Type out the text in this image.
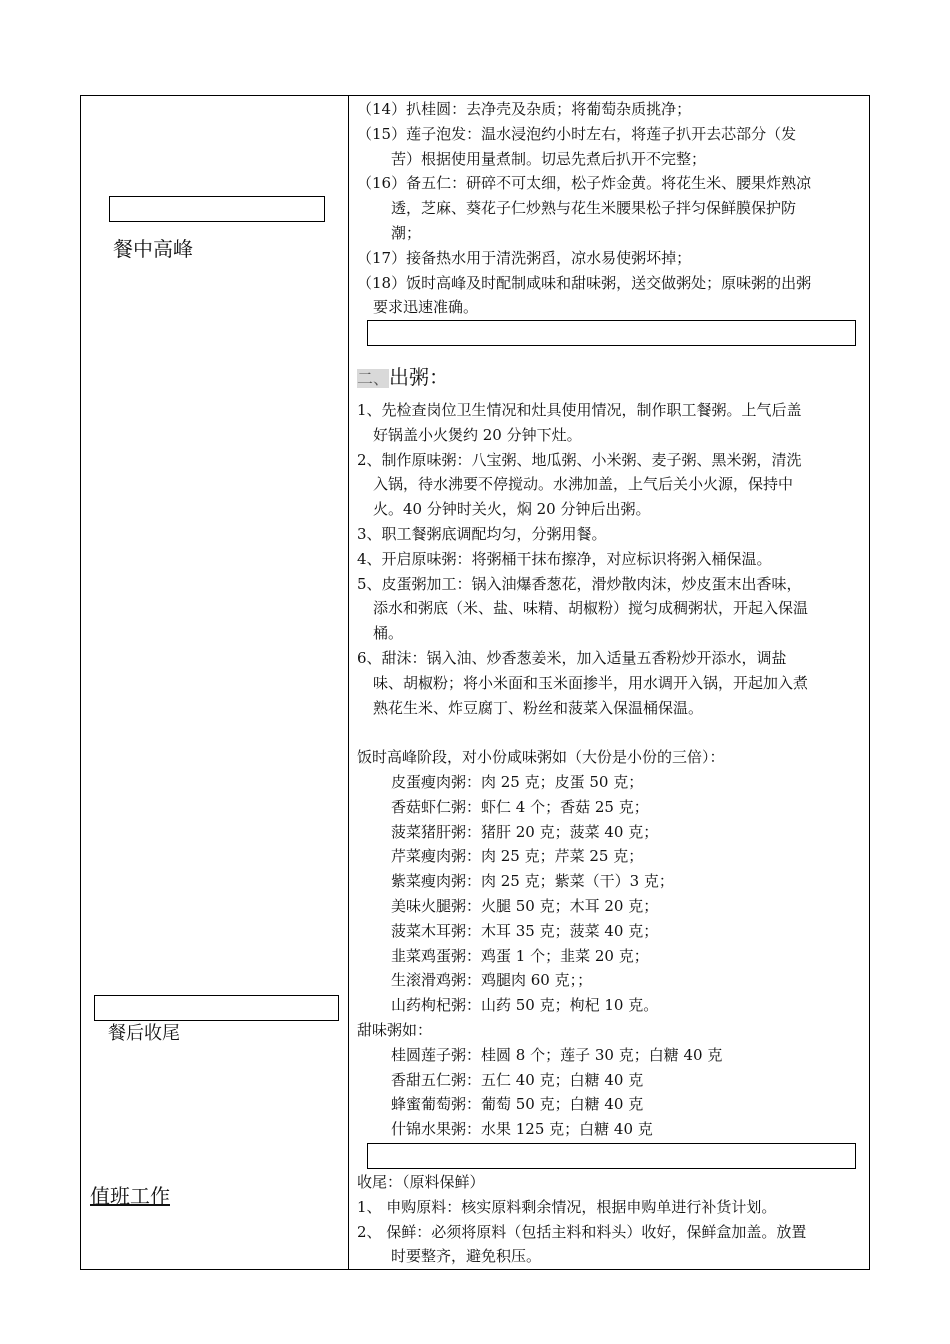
餐中高峰
餐后收尾
值班工作
（14）扒桂圆：去净壳及杂质；将葡萄杂质挑净；
（15）莲子泡发：温水浸泡约小时左右，将莲子扒开去芯部分（发
苦）根据使用量煮制。切忌先煮后扒开不完整；
（16）备五仁：研碎不可太细，松子炸金黄。将花生米、腰果炸熟凉
透，芝麻、葵花子仁炒熟与花生米腰果松子拌匀保鲜膜保护防
潮；
（17）接备热水用于清洗粥舀，凉水易使粥坏掉；
（18）饭时高峰及时配制咸味和甜味粥，送交做粥处；原味粥的出粥
要求迅速准确。
二、出粥：
1、先检查岗位卫生情况和灶具使用情况，制作职工餐粥。上气后盖
好锅盖小火煲约 20 分钟下灶。
2、制作原味粥：八宝粥、地瓜粥、小米粥、麦子粥、黑米粥，清洗
入锅，待水沸要不停搅动。水沸加盖，上气后关小火源，保持中
火。40 分钟时关火，焖 20 分钟后出粥。
3、职工餐粥底调配均匀，分粥用餐。
4、开启原味粥：将粥桶干抹布擦净，对应标识将粥入桶保温。
5、皮蛋粥加工：锅入油爆香葱花，滑炒散肉沫，炒皮蛋末出香味，
添水和粥底（米、盐、味精、胡椒粉）搅匀成稠粥状，开起入保温
桶。
6、甜沫：锅入油、炒香葱姜米，加入适量五香粉炒开添水，调盐
味、胡椒粉；将小米面和玉米面掺半，用水调开入锅，开起加入煮
熟花生米、炸豆腐丁、粉丝和菠菜入保温桶保温。
饭时高峰阶段，对小份咸味粥如（大份是小份的三倍）：
皮蛋瘦肉粥：肉 25 克；皮蛋 50 克；
香菇虾仁粥：虾仁 4 个；香菇 25 克；
菠菜猪肝粥：猪肝 20 克；菠菜 40 克；
芹菜瘦肉粥：肉 25 克；芹菜 25 克；
紫菜瘦肉粥：肉 25 克；紫菜（干）3 克；
美味火腿粥：火腿 50 克；木耳 20 克；
菠菜木耳粥：木耳 35 克；菠菜 40 克；
韭菜鸡蛋粥：鸡蛋 1 个；韭菜 20 克；
生滚滑鸡粥：鸡腿肉 60 克；；
山药枸杞粥：山药 50 克；枸杞 10 克。
甜味粥如：
桂圆莲子粥：桂圆 8 个；莲子 30 克；白糖 40 克
香甜五仁粥：五仁 40 克；白糖 40 克
蜂蜜葡萄粥：葡萄 50 克；白糖 40 克
什锦水果粥：水果 125 克；白糖 40 克
收尾：（原料保鲜）
1、 申购原料：核实原料剩余情况，根据申购单进行补货计划。
2、 保鲜：必须将原料（包括主料和料头）收好，保鲜盒加盖。放置
时要整齐，避免积压。
